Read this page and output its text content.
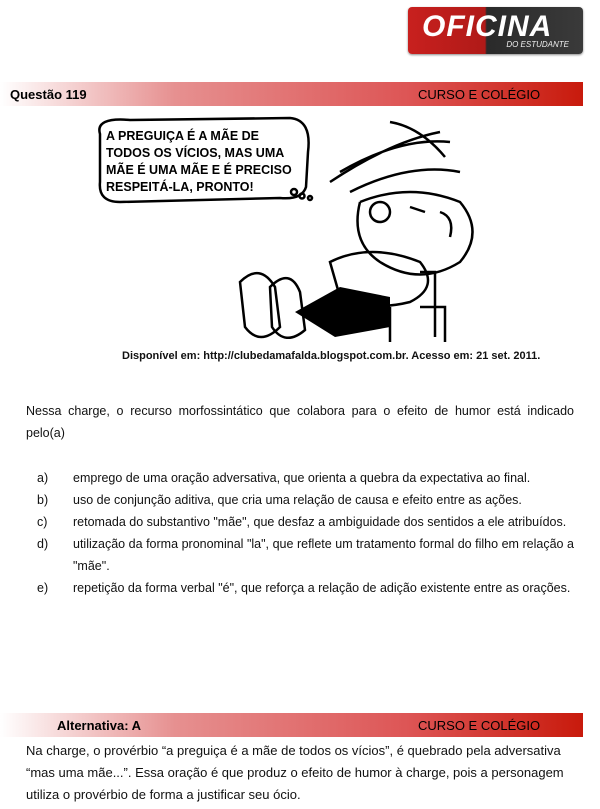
OFICINA
DO ESTUDANTE
Questão 119	CURSO E COLÉGIO
A PREGUIÇA É A MÃE DE
TODOS OS VÍCIOS, MAS UMA
MÃE É UMA MÃE E É PRECISO
RESPEITÁ-LA, PRONTO!
Disponível em: http://clubedamafalda.blogspot.com.br. Acesso em: 21 set. 2011.
Nessa charge, o recurso morfossintático que colabora para o efeito de humor está indicado pelo(a)
a)	emprego de uma oração adversativa, que orienta a quebra da expectativa ao final.
b)	uso de conjunção aditiva, que cria uma relação de causa e efeito entre as ações.
c)	retomada do substantivo "mãe", que desfaz a ambiguidade dos sentidos a ele atribuídos.
d)	utilização da forma pronominal "la", que reflete um tratamento formal do filho em relação a "mãe".
e)	repetição da forma verbal "é", que reforça a relação de adição existente entre as orações.
Alternativa: A	CURSO E COLÉGIO
Na charge, o provérbio “a preguiça é a mãe de todos os vícios”, é quebrado pela adversativa “mas uma mãe...”. Essa oração é que produz o efeito de humor à charge, pois a personagem utiliza o provérbio de forma a justificar seu ócio.
